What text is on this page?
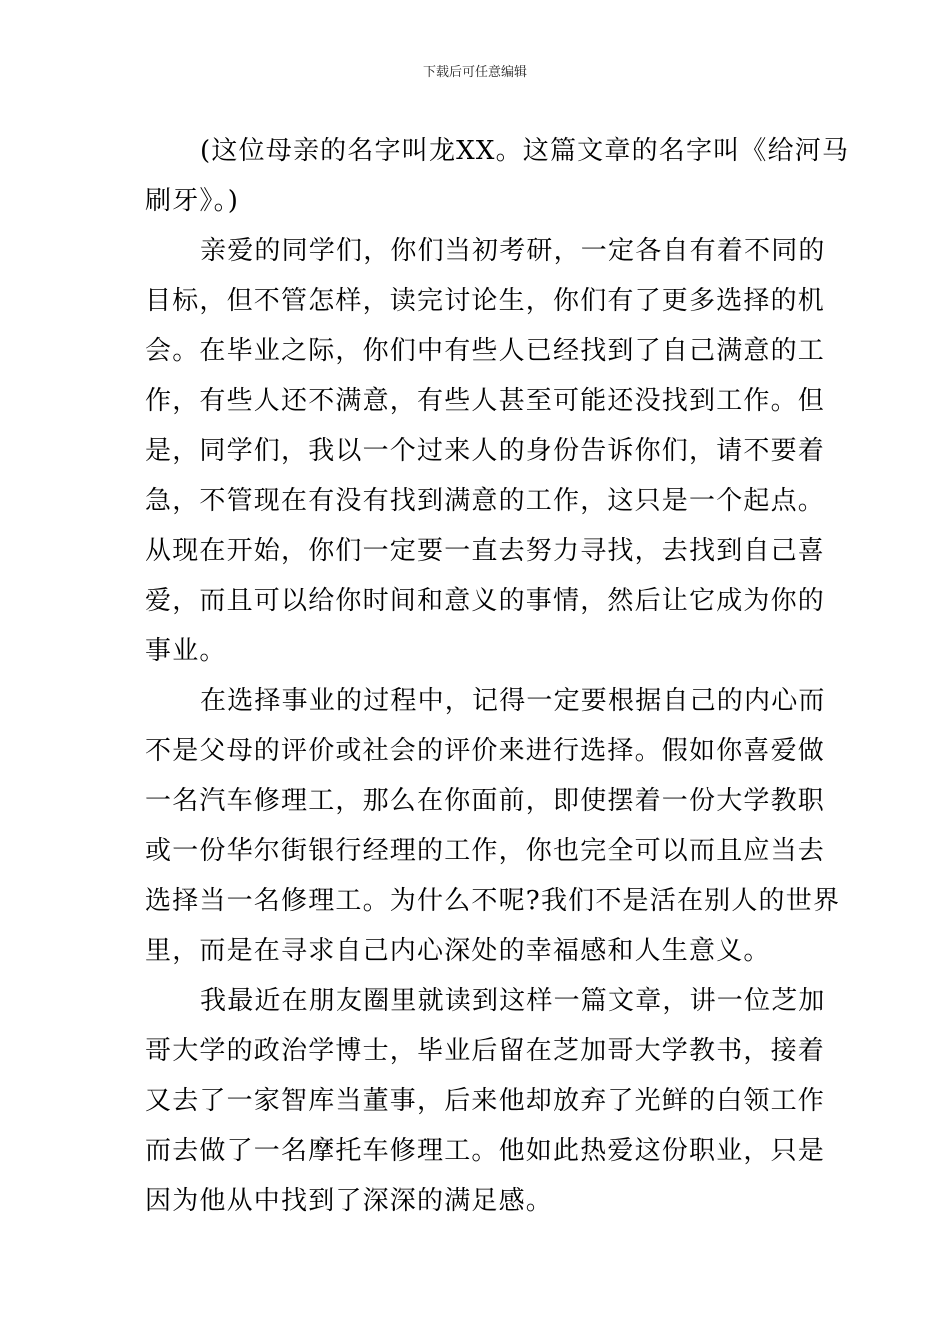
下载后可任意编辑
(这位母亲的名字叫龙XX。这篇文章的名字叫《给河马
刷牙》。)
亲爱的同学们，你们当初考研，一定各自有着不同的
目标，但不管怎样，读完讨论生，你们有了更多选择的机
会。在毕业之际，你们中有些人已经找到了自己满意的工
作，有些人还不满意，有些人甚至可能还没找到工作。但
是，同学们，我以一个过来人的身份告诉你们，请不要着
急，不管现在有没有找到满意的工作，这只是一个起点。
从现在开始，你们一定要一直去努力寻找，去找到自己喜
爱，而且可以给你时间和意义的事情，然后让它成为你的
事业。
在选择事业的过程中，记得一定要根据自己的内心而
不是父母的评价或社会的评价来进行选择。假如你喜爱做
一名汽车修理工，那么在你面前，即使摆着一份大学教职
或一份华尔街银行经理的工作，你也完全可以而且应当去
选择当一名修理工。为什么不呢?我们不是活在别人的世界
里，而是在寻求自己内心深处的幸福感和人生意义。
我最近在朋友圈里就读到这样一篇文章，讲一位芝加
哥大学的政治学博士，毕业后留在芝加哥大学教书，接着
又去了一家智库当董事，后来他却放弃了光鲜的白领工作
而去做了一名摩托车修理工。他如此热爱这份职业，只是
因为他从中找到了深深的满足感。
